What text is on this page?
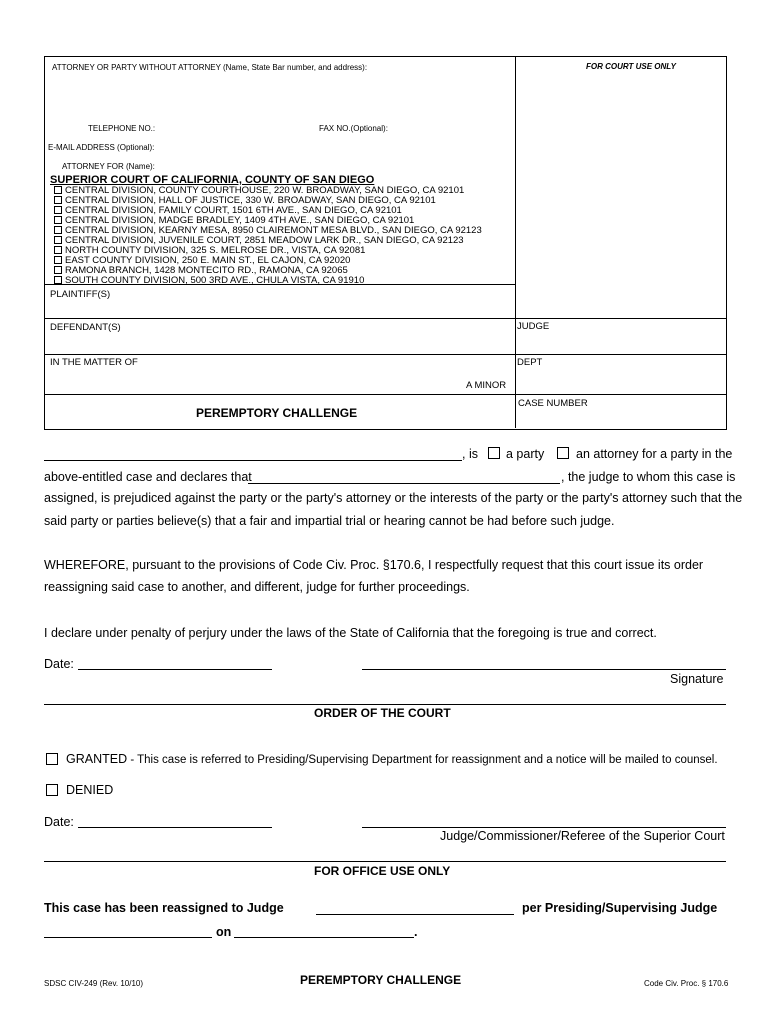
ATTORNEY OR PARTY WITHOUT ATTORNEY (Name, State Bar number, and address):	FOR COURT USE ONLY
TELEPHONE NO.:	FAX NO.(Optional):
E-MAIL ADDRESS (Optional):
ATTORNEY FOR (Name):
SUPERIOR COURT OF CALIFORNIA, COUNTY OF SAN DIEGO
CENTRAL DIVISION, COUNTY COURTHOUSE, 220 W. BROADWAY, SAN DIEGO, CA 92101
CENTRAL DIVISION, HALL OF JUSTICE, 330 W. BROADWAY, SAN DIEGO, CA 92101
CENTRAL DIVISION, FAMILY COURT, 1501 6TH AVE., SAN DIEGO, CA 92101
CENTRAL DIVISION, MADGE BRADLEY, 1409 4TH AVE., SAN DIEGO, CA 92101
CENTRAL DIVISION, KEARNY MESA, 8950 CLAIREMONT MESA BLVD., SAN DIEGO, CA 92123
CENTRAL DIVISION, JUVENILE COURT, 2851 MEADOW LARK DR., SAN DIEGO, CA 92123
NORTH COUNTY DIVISION, 325 S. MELROSE DR., VISTA, CA 92081
EAST COUNTY DIVISION, 250 E. MAIN ST., EL CAJON, CA 92020
RAMONA BRANCH, 1428 MONTECITO RD., RAMONA, CA 92065
SOUTH COUNTY DIVISION, 500 3RD AVE., CHULA VISTA, CA 91910
PLAINTIFF(S)
DEFENDANT(S)	JUDGE
IN THE MATTER OF	DEPT
A MINOR
CASE NUMBER
PEREMPTORY CHALLENGE
, is a party	an attorney for a party in the
above-entitled case and declares that	, the judge to whom this case is
assigned, is prejudiced against the party or the party's attorney or the interests of the party or the party's attorney such that the
said party or parties believe(s) that a fair and impartial trial or hearing cannot be had before such judge.
WHEREFORE, pursuant to the provisions of Code Civ. Proc. §170.6, I respectfully request that this court issue its order
reassigning said case to another, and different, judge for further proceedings.
I declare under penalty of perjury under the laws of the State of California that the foregoing is true and correct.
Date:
Signature
ORDER OF THE COURT
GRANTED - This case is referred to Presiding/Supervising Department for reassignment and a notice will be mailed to counsel.
DENIED
Date:
Judge/Commissioner/Referee of the Superior Court
FOR OFFICE USE ONLY
This case has been reassigned to Judge	per Presiding/Supervising Judge
on	.
SDSC CIV-249 (Rev. 10/10)	PEREMPTORY CHALLENGE	Code Civ. Proc. § 170.6
